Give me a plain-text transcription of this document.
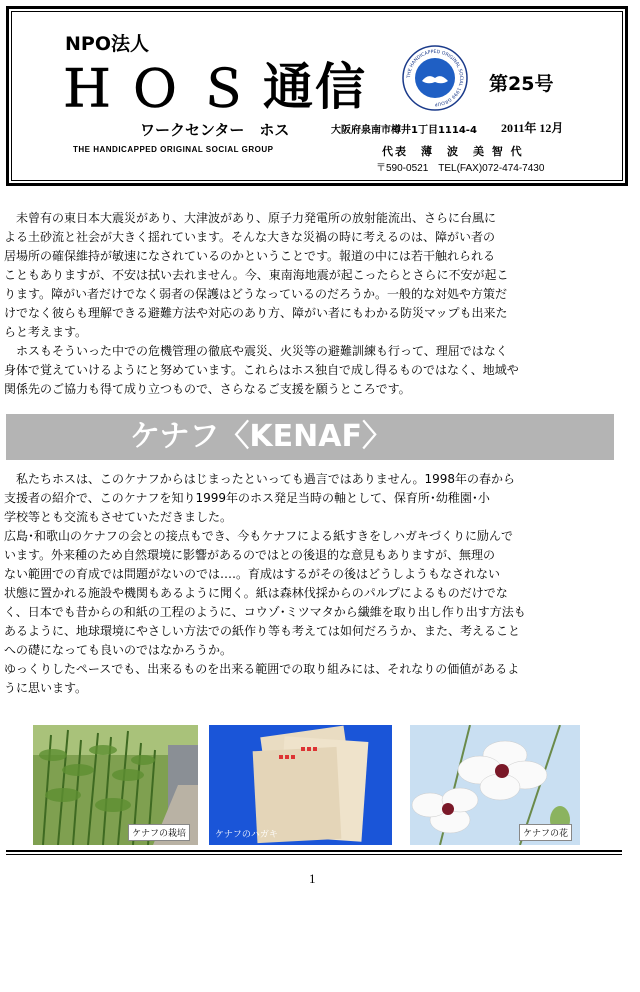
NPO法人
ＨＯＳ
通信	THE HANDICAPPED ORIGINAL SOCIAL 1999 GROUP
第25号
ワークセンター　ホス
THE HANDICAPPED ORIGINAL SOCIAL GROUP
大阪府泉南市樽井1丁目1114-4 2011年 12月
代表　薄　波　美 智 代
〒590-0521　TEL(FAX)072-474-7430
　未曾有の東日本大震災があり、大津波があり、原子力発電所の放射能流出、さらに台風に
よる土砂流と社会が大きく揺れています。そんな大きな災禍の時に考えるのは、障がい者の
居場所の確保維持が敏速になされているのかということです。報道の中には若干触れられる
こともありますが、不安は拭い去れません。今、東南海地震が起こったらとさらに不安が起こ
ります。障がい者だけでなく弱者の保護はどうなっているのだろうか。一般的な対処や方策だ
けでなく彼らも理解できる避難方法や対応のあり方、障がい者にもわかる防災マップも出来た
らと考えます。
　ホスもそういった中での危機管理の徹底や震災、火災等の避難訓練も行って、理屈ではなく
身体で覚えていけるようにと努めています。これらはホス独自で成し得るものではなく、地域や
関係先のご協力も得て成り立つもので、さらなるご支援を願うところです。
ケナフ〈KENAF〉
　私たちホスは、このケナフからはじまったといっても過言ではありません。1998年の春から
支援者の紹介で、このケナフを知り1999年のホス発足当時の軸として、保育所･幼稚園･小
学校等とも交流もさせていただきました。
広島･和歌山のケナフの会との接点もでき、今もケナフによる紙すきをしハガキづくりに励んで
います。外来種のため自然環境に影響があるのではとの後退的な意見もありますが、無理の
ない範囲での育成では問題がないのでは‥‥。育成はするがその後はどうしようもなされない
状態に置かれる施設や機関もあるように聞く。紙は森林伐採からのパルプによるものだけでな
く、日本でも昔からの和紙の工程のように、コウゾ･ミツマタから繊維を取り出し作り出す方法も
あるように、地球環境にやさしい方法での紙作り等も考えては如何だろうか、また、考えること
への礎になっても良いのではなかろうか。
ゆっくりしたペースでも、出来るものを出来る範囲での取り組みには、それなりの価値があるよ
うに思います。
ケナフの栽培	ケナフのハガキ	ケナフの花
1
